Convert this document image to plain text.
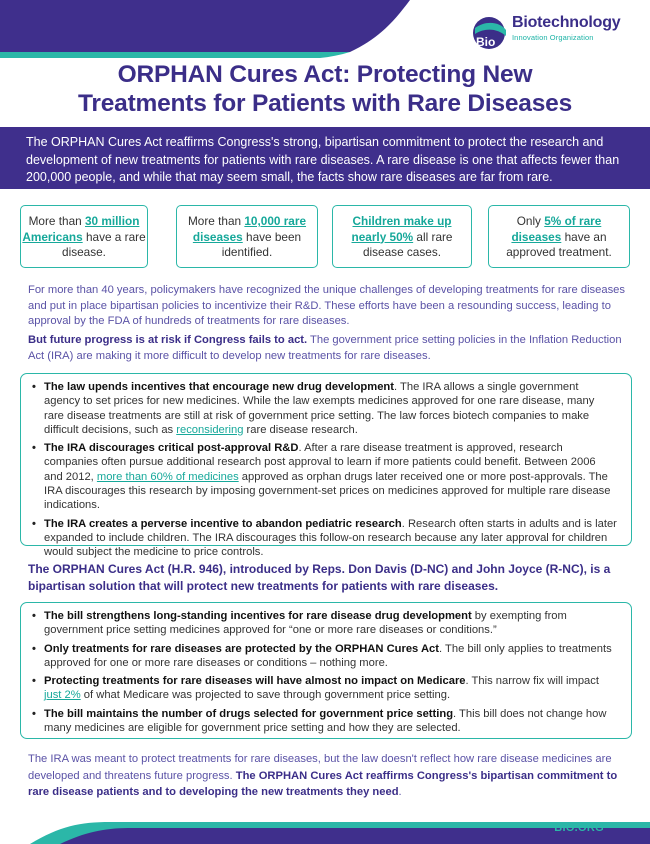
Bio
Biotechnology
Innovation Organization
ORPHAN Cures Act: Protecting New
Treatments for Patients with Rare Diseases
The ORPHAN Cures Act reaffirms Congress's strong, bipartisan commitment to protect the research and development of new treatments for patients with rare diseases. A rare disease is one that affects fewer than 200,000 people, and while that may seem small, the facts show rare diseases are far from rare.
More than 30 million Americans have a rare disease.
More than 10,000 rare diseases have been identified.
Children make up nearly 50% all rare disease cases.
Only 5% of rare diseases have an approved treatment.

For more than 40 years, policymakers have recognized the unique challenges of developing treatments for rare diseases and put in place bipartisan policies to incentivize their R&D. These efforts have been a resounding success, leading to approval by the FDA of hundreds of treatments for rare diseases.

But future progress is at risk if Congress fails to act. The government price setting policies in the Inflation Reduction Act (IRA) are making it more difficult to develop new treatments for rare diseases.

• The law upends incentives that encourage new drug development. The IRA allows a single government agency to set prices for new medicines. While the law exempts medicines approved for one rare disease, many rare disease treatments are still at risk of government price setting. The law forces biotech companies to make difficult decisions, such as reconsidering rare disease research.
• The IRA discourages critical post-approval R&D. After a rare disease treatment is approved, research companies often pursue additional research post approval to learn if more patients could benefit. Between 2006 and 2012, more than 60% of medicines approved as orphan drugs later received one or more post-approvals. The IRA discourages this research by imposing government-set prices on medicines approved for multiple rare disease indications.
• The IRA creates a perverse incentive to abandon pediatric research. Research often starts in adults and is later expanded to include children. The IRA discourages this follow-on research because any later approval for children would subject the medicine to price controls.

The ORPHAN Cures Act (H.R. 946), introduced by Reps. Don Davis (D-NC) and John Joyce (R-NC), is a bipartisan solution that will protect new treatments for patients with rare diseases.

• The bill strengthens long-standing incentives for rare disease drug development by exempting from government price setting medicines approved for “one or more rare diseases or conditions.”
• Only treatments for rare diseases are protected by the ORPHAN Cures Act. The bill only applies to treatments approved for one or more rare diseases or conditions – nothing more.
• Protecting treatments for rare diseases will have almost no impact on Medicare. This narrow fix will impact just 2% of what Medicare was projected to save through government price setting.
• The bill maintains the number of drugs selected for government price setting. This bill does not change how many medicines are eligible for government price setting and how they are selected.

The IRA was meant to protect treatments for rare diseases, but the law doesn't reflect how rare disease medicines are developed and threatens future progress. The ORPHAN Cures Act reaffirms Congress's bipartisan commitment to rare disease patients and to developing the new treatments they need.

BIO.ORG
